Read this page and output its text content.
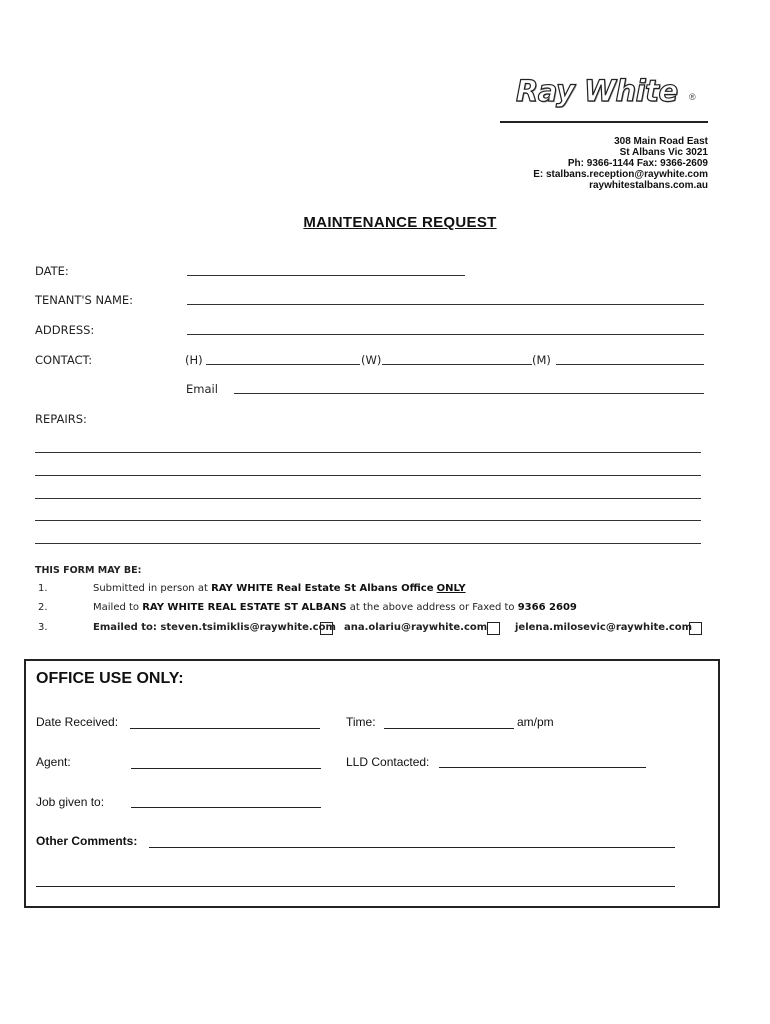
Ray White ®
308 Main Road East
St Albans Vic 3021
Ph: 9366-1144 Fax: 9366-2609
E: stalbans.reception@raywhite.com
raywhitestalbans.com.au
MAINTENANCE REQUEST
DATE:
TENANT'S NAME:
ADDRESS:
CONTACT:	(H)	(W)	(M)
Email
REPAIRS:
THIS FORM MAY BE:
1.	Submitted in person at RAY WHITE Real Estate St Albans Office ONLY
2.	Mailed to RAY WHITE REAL ESTATE ST ALBANS at the above address or Faxed to 9366 2609
3.	Emailed to: steven.tsimiklis@raywhite.com ana.olariu@raywhite.com	jelena.milosevic@raywhite.com
OFFICE USE ONLY:
Date Received:	Time:	am/pm
Agent:	LLD Contacted:
Job given to:
Other Comments:
